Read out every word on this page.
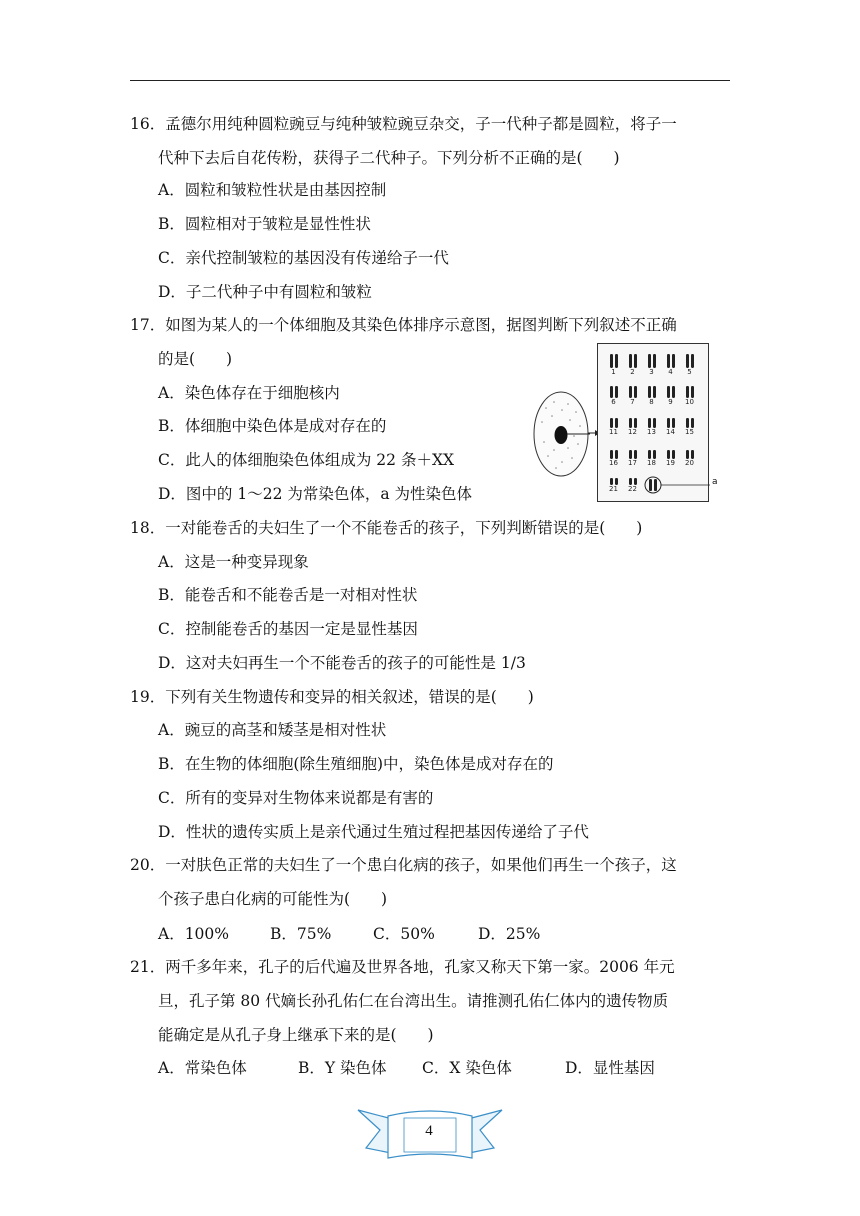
16．孟德尔用纯种圆粒豌豆与纯种皱粒豌豆杂交，子一代种子都是圆粒，将子一
代种下去后自花传粉，获得子二代种子。下列分析不正确的是(　　)
A．圆粒和皱粒性状是由基因控制
B．圆粒相对于皱粒是显性性状
C．亲代控制皱粒的基因没有传递给子一代
D．子二代种子中有圆粒和皱粒
17．如图为某人的一个体细胞及其染色体排序示意图，据图判断下列叙述不正确
的是(　　)
A．染色体存在于细胞核内
B．体细胞中染色体是成对存在的
C．此人的体细胞染色体组成为 22 条＋XX
D．图中的 1～22 为常染色体，a 为性染色体
1	2	3	4	5
6	7	8	9	10
11	12	13	14	15
16	17	18	19	20
21	22
a
18．一对能卷舌的夫妇生了一个不能卷舌的孩子，下列判断错误的是(　　)
A．这是一种变异现象
B．能卷舌和不能卷舌是一对相对性状
C．控制能卷舌的基因一定是显性基因
D．这对夫妇再生一个不能卷舌的孩子的可能性是 1/3
19．下列有关生物遗传和变异的相关叙述，错误的是(　　)
A．豌豆的高茎和矮茎是相对性状
B．在生物的体细胞(除生殖细胞)中，染色体是成对存在的
C．所有的变异对生物体来说都是有害的
D．性状的遗传实质上是亲代通过生殖过程把基因传递给了子代
20．一对肤色正常的夫妇生了一个患白化病的孩子，如果他们再生一个孩子，这
个孩子患白化病的可能性为(　　)
A．100%	B．75%	C．50%	D．25%
21．两千多年来，孔子的后代遍及世界各地，孔家又称天下第一家。2006 年元
旦，孔子第 80 代嫡长孙孔佑仁在台湾出生。请推测孔佑仁体内的遗传物质
能确定是从孔子身上继承下来的是(　　)
A．常染色体	B．Y 染色体 C．X 染色体	D．显性基因
4
